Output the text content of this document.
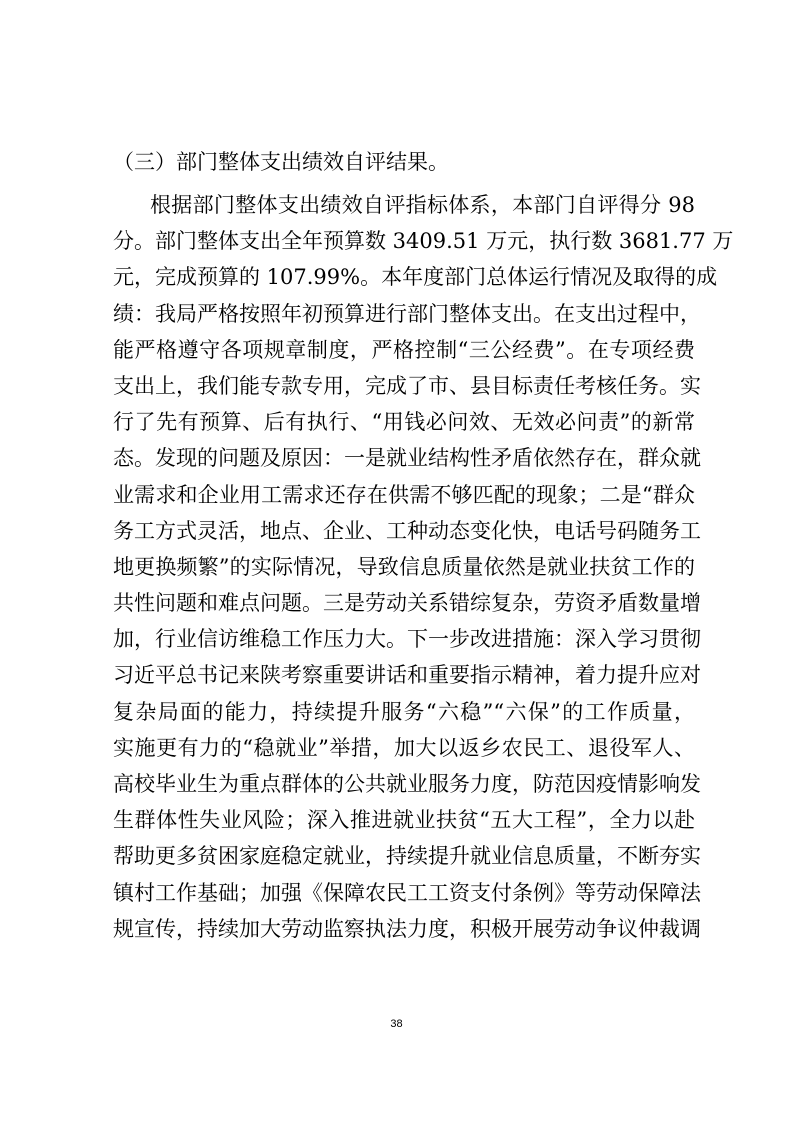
（三）部门整体支出绩效自评结果。
根据部门整体支出绩效自评指标体系，本部门自评得分 98
分。部门整体支出全年预算数 3409.51 万元，执行数 3681.77 万
元，完成预算的 107.99%。本年度部门总体运行情况及取得的成
绩：我局严格按照年初预算进行部门整体支出。在支出过程中，
能严格遵守各项规章制度，严格控制“三公经费”。在专项经费
支出上，我们能专款专用，完成了市、县目标责任考核任务。实
行了先有预算、后有执行、“用钱必问效、无效必问责”的新常
态。发现的问题及原因：一是就业结构性矛盾依然存在，群众就
业需求和企业用工需求还存在供需不够匹配的现象；二是“群众
务工方式灵活，地点、企业、工种动态变化快，电话号码随务工
地更换频繁”的实际情况，导致信息质量依然是就业扶贫工作的
共性问题和难点问题。三是劳动关系错综复杂，劳资矛盾数量增
加，行业信访维稳工作压力大。下一步改进措施：深入学习贯彻
习近平总书记来陕考察重要讲话和重要指示精神，着力提升应对
复杂局面的能力，持续提升服务“六稳”“六保”的工作质量，
实施更有力的“稳就业”举措，加大以返乡农民工、退役军人、
高校毕业生为重点群体的公共就业服务力度，防范因疫情影响发
生群体性失业风险；深入推进就业扶贫“五大工程”，全力以赴
帮助更多贫困家庭稳定就业，持续提升就业信息质量，不断夯实
镇村工作基础；加强《保障农民工工资支付条例》等劳动保障法
规宣传，持续加大劳动监察执法力度，积极开展劳动争议仲裁调
38
